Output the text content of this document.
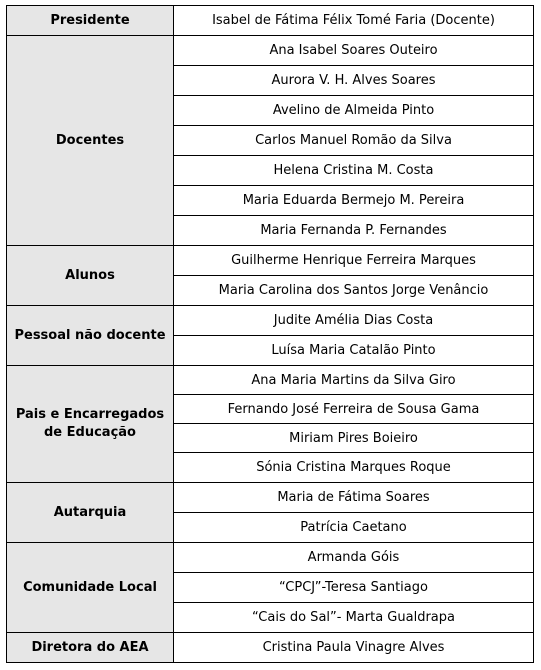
Presidente	Isabel de Fátima Félix Tomé Faria (Docente)
Docentes	Ana Isabel Soares Outeiro
	Aurora V. H. Alves Soares
	Avelino de Almeida Pinto
	Carlos Manuel Romão da Silva
	Helena Cristina M. Costa
	Maria Eduarda Bermejo M. Pereira
	Maria Fernanda P. Fernandes
Alunos	Guilherme Henrique Ferreira Marques
	Maria Carolina dos Santos Jorge Venâncio
Pessoal não docente	Judite Amélia Dias Costa
	Luísa Maria Catalão Pinto
Pais e Encarregados de Educação	Ana Maria Martins da Silva Giro
	Fernando José Ferreira de Sousa Gama
	Miriam Pires Boieiro
	Sónia Cristina Marques Roque
Autarquia	Maria de Fátima Soares
	Patrícia Caetano
Comunidade Local	Armanda Góis
	“CPCJ”-Teresa Santiago
	“Cais do Sal”- Marta Gualdrapa
Diretora do AEA	Cristina Paula Vinagre Alves
